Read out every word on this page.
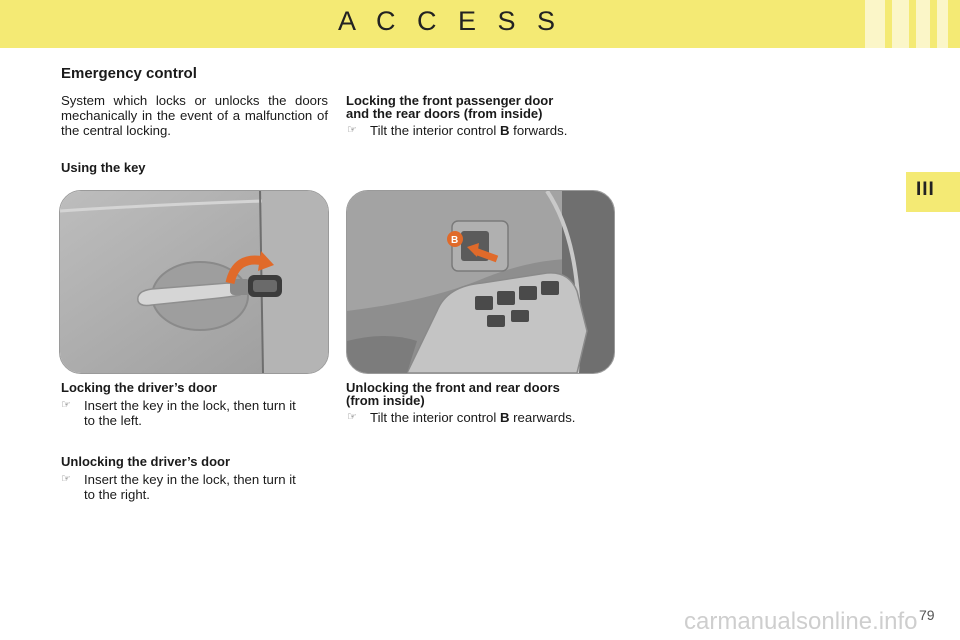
A C C E S S
III
Emergency control
System which locks or unlocks the doors mechanically in the event of a malfunction of the central locking.
Locking the front passenger door
and the rear doors (from inside)
☞ Tilt the interior control B forwards.
Using the key
B
Locking the driver’s door
☞ Insert the key in the lock, then turn it
to the left.
Unlocking the driver’s door
☞ Insert the key in the lock, then turn it
to the right.
Unlocking the front and rear doors
(from inside)
☞ Tilt the interior control B rearwards.
carmanualsonline.info 79
